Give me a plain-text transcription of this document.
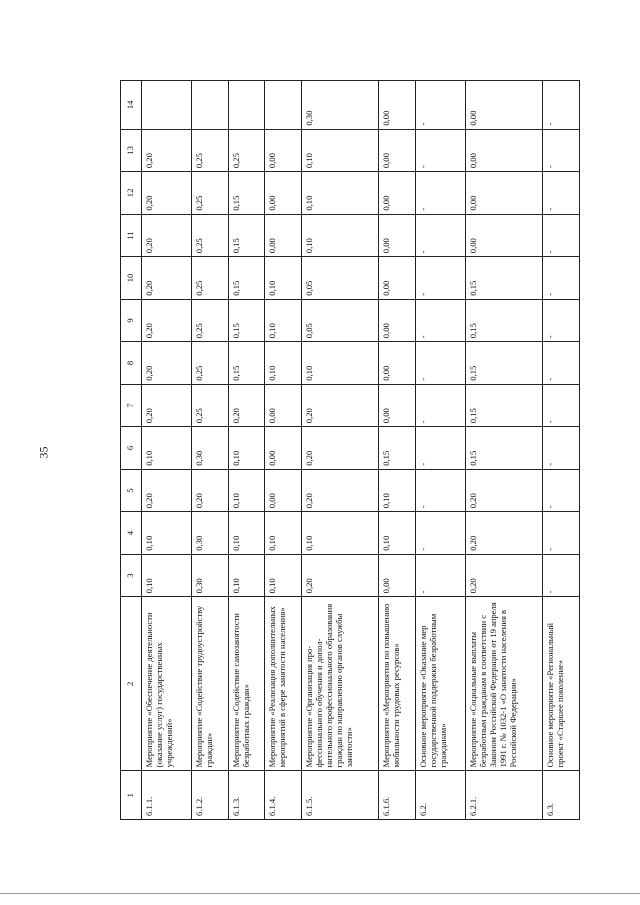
35
1	2	3	4	5	6	7	8	9	10	11	12	13	14
6.1.1.	Мероприятие «Обеспечение деятельности (оказание услуг) государственных учреждений»	0,10	0,10	0,20	0,10	0,20	0,20	0,20	0,20	0,20	0,20	0,20	
6.1.2.	Мероприятие «Содействие трудоустройству граждан»	0,30	0,30	0,20	0,30	0,25	0,25	0,25	0,25	0,25	0,25	0,25	
6.1.3.	Мероприятие «Содействие самозанятости безработных граждан»	0,10	0,10	0,10	0,10	0,20	0,15	0,15	0,15	0,15	0,15	0,25	
6.1.4.	Мероприятие «Реализация дополнительных мероприятий в сфере занятости населения»	0,10	0,10	0,00	0,00	0,00	0,10	0,10	0,10	0,00	0,00	0,00	
6.1.5.	Мероприятие «Организация профессионального обучения и дополнительного профессионального образования граждан по направлению органов службы занятости»	0,20	0,10	0,20	0,20	0,20	0,10	0,05	0,05	0,10	0,10	0,10	0,30
6.1.6.	Мероприятие «Мероприятия по повышению мобильности трудовых ресурсов»	0,00	0,10	0,10	0,15	0,00	0,00	0,00	0,00	0,00	0,00	0,00	0,00
6.2.	Основное мероприятие «Оказание мер государственной поддержки безработным гражданам»	-	-	-	-	-	-	-	-	-	-	-	-
6.2.1.	Мероприятие «Социальные выплаты безработным гражданам в соответствии с Законом Российской Федерации от 19 апреля 1991 г. № 1032-1 «О занятости населения в Российской Федерации»	0,20	0,20	0,20	0,15	0,15	0,15	0,15	0,15	0,00	0,00	0,00	0,00
6.3.	Основное мероприятие «Региональный проект «Старшее поколение»	-	-	-	-	-	-	-	-	-	-	-	-
